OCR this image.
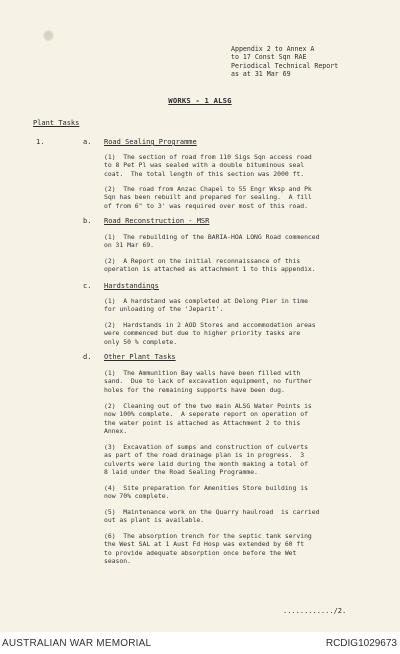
Appendix 2 to Annex A
to 17 Const Sqn RAE
Periodical Technical Report
as at 31 Mar 69
WORKS - 1 ALSG
Plant Tasks
1.	a. Road Sealing Programme
(1)  The section of road from 110 Sigs Sqn access road
to 8 Pet Pl was sealed with a double bituminous seal
coat.  The total length of this section was 2000 ft.
(2)  The road from Anzac Chapel to 55 Engr Wksp and Pk
Sqn has been rebuilt and prepared for sealing.  A fill
of from 6" to 3' was required over most of this road.
b. Road Reconstruction - MSR
(1)  The rebuilding of the BARIA-HOA LONG Road commenced
on 31 Mar 69.
(2)  A Report on the initial reconnaissance of this
operation is attached as attachment 1 to this appendix.
c. Hardstandings
(1)  A hardstand was completed at Delong Pier in time
for unloading of the 'Jeparit'.
(2)  Hardstands in 2 AOD Stores and accommodation areas
were commenced but due to higher priority tasks are
only 50 % complete.
d. Other Plant Tasks
(1)  The Ammunition Bay walls have been filled with
sand.  Due to lack of excavation equipment, no further
holes for the remaining supports have been dug.
(2)  Cleaning out of the two main ALSG Water Points is
now 100% complete.  A seperate report on operation of
the water point is attached as Attachment 2 to this
Annex.
(3)  Excavation of sumps and construction of culverts
as part of the road drainage plan is in progress.  3
culverts were laid during the month making a total of
8 laid under the Road Sealing Programme.
(4)  Site preparation for Amenities Store building is
now 70% complete.
(5)  Maintenance work on the Quarry haulroad  is carried
out as plant is available.
(6)  The absorption trench for the septic tank serving
the West SAL at 1 Aust Fd Hosp was extended by 60 ft
to provide adequate absorption once before the Wet
season.
............/2.
AUSTRALIAN WAR MEMORIAL	RCDIG1029673
